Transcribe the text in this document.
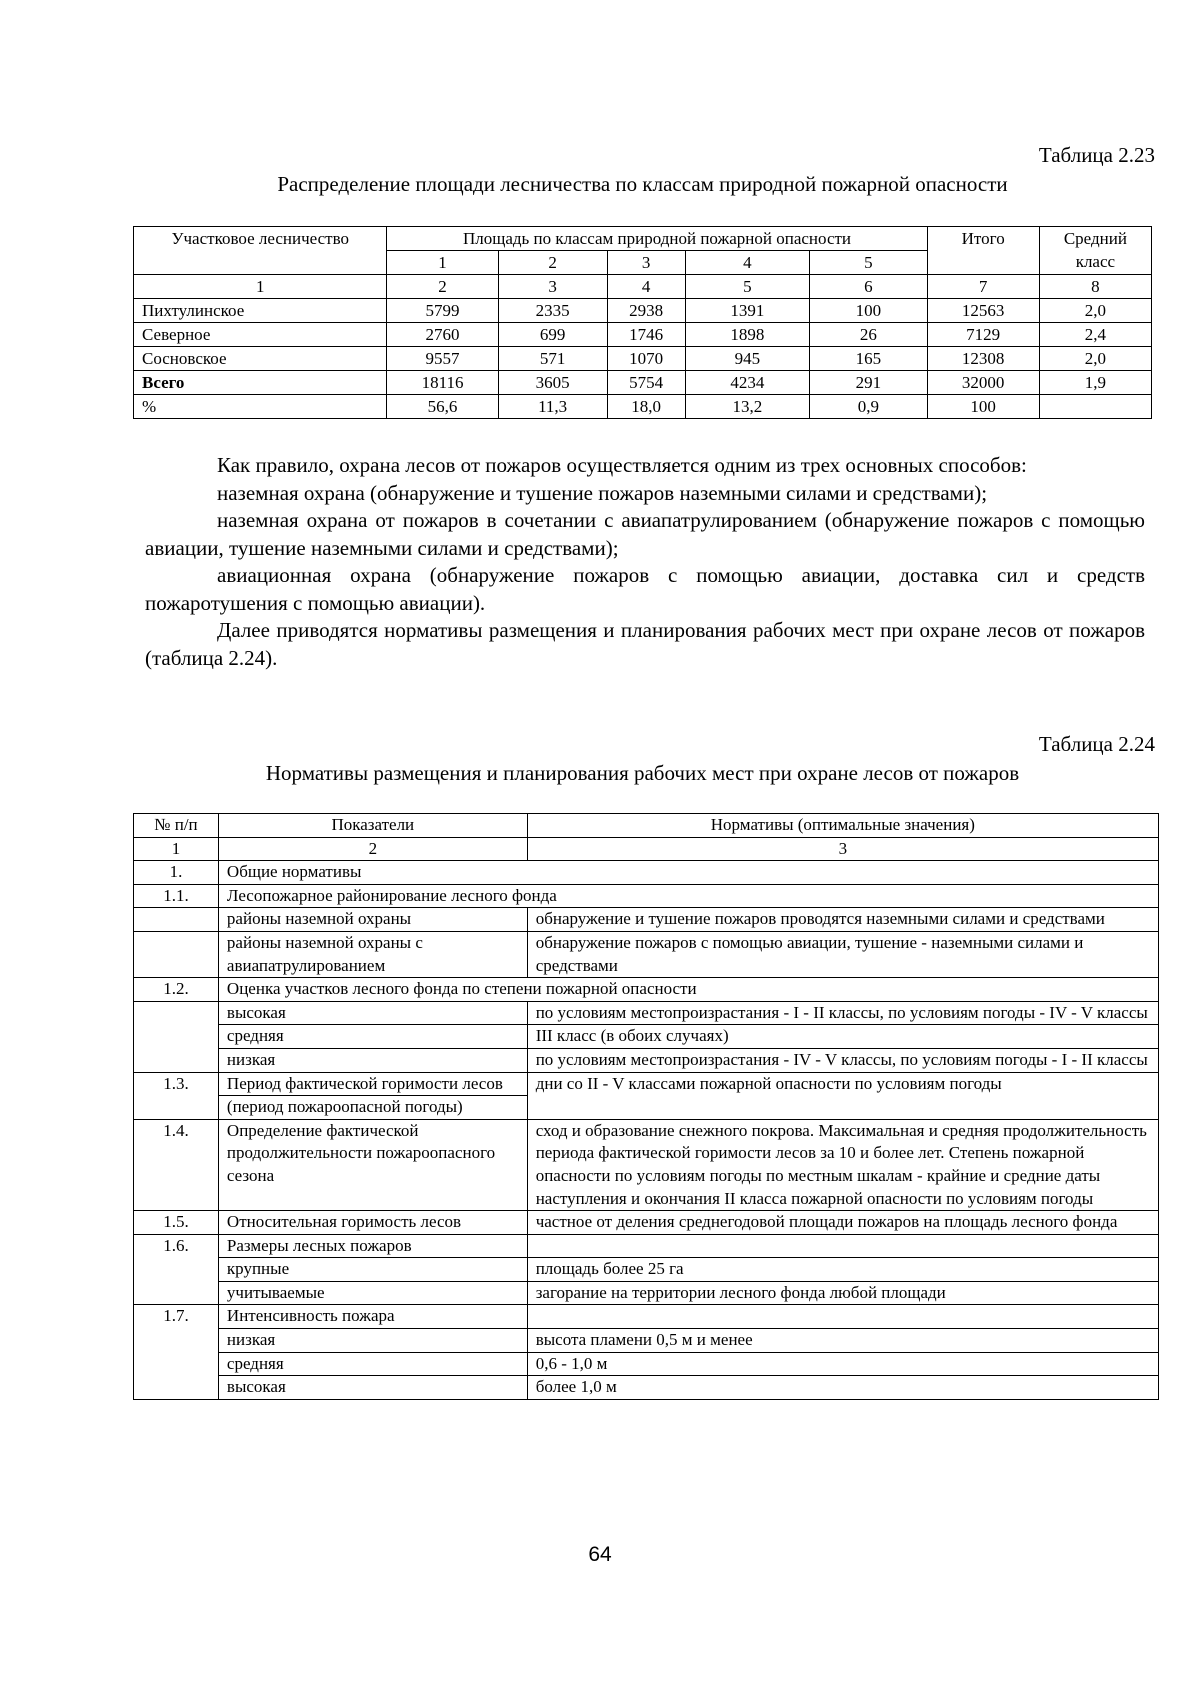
Таблица 2.23
Распределение площади лесничества по классам природной пожарной опасности
Участковое лесничество	Площадь по классам природной пожарной опасности					Итого	Средний класс
	1	2	3	4	5		
1	2	3	4	5	6	7	8
Пихтулинское	5799	2335	2938	1391	100	12563	2,0
Северное	2760	699	1746	1898	26	7129	2,4
Сосновское	9557	571	1070	945	165	12308	2,0
Всего	18116	3605	5754	4234	291	32000	1,9
%	56,6	11,3	18,0	13,2	0,9	100	

Как правило, охрана лесов от пожаров осуществляется одним из трех основных способов:

наземная охрана (обнаружение и тушение пожаров наземными силами и средствами);

наземная охрана от пожаров в сочетании с авиапатрулированием (обнаружение пожаров с помощью авиации, тушение наземными силами и средствами);

авиационная охрана (обнаружение пожаров с помощью авиации, доставка сил и средств пожаротушения с помощью авиации).

Далее приводятся нормативы размещения и планирования рабочих мест при охране лесов от пожаров (таблица 2.24).

Таблица 2.24
Нормативы размещения и планирования рабочих мест при охране лесов от пожаров
№ п/п	Показатели	Нормативы (оптимальные значения)
1	2	3
1.	Общие нормативы	
1.1.	Лесопожарное районирование лесного фонда	
	районы наземной охраны	обнаружение и тушение пожаров проводятся наземными силами и средствами
	районы наземной охраны с авиапатрулированием	обнаружение пожаров с помощью авиации, тушение - наземными силами и средствами
1.2.	Оценка участков лесного фонда по степени пожарной опасности	
	высокая	по условиям местопроизрастания - I - II классы, по условиям погоды - IV - V классы
	средняя	III класс (в обоих случаях)
	низкая	по условиям местопроизрастания - IV - V классы, по условиям погоды - I - II классы
1.3.	Период фактической горимости лесов	дни со II - V классами пожарной опасности по условиям погоды
	(период пожароопасной погоды)	
1.4.	Определение фактической продолжительности пожароопасного сезона	сход и образование снежного покрова. Максимальная и средняя продолжительность периода фактической горимости лесов за 10 и более лет. Степень пожарной опасности по условиям погоды по местным шкалам - крайние и средние даты наступления и окончания II класса пожарной опасности по условиям погоды
1.5.	Относительная горимость лесов	частное от деления среднегодовой площади пожаров на площадь лесного фонда
1.6.	Размеры лесных пожаров	
	крупные	площадь более 25 га
	учитываемые	загорание на территории лесного фонда любой площади
1.7.	Интенсивность пожара	
	низкая	высота пламени 0,5 м и менее
	средняя	0,6 - 1,0 м
	высокая	более 1,0 м
64
